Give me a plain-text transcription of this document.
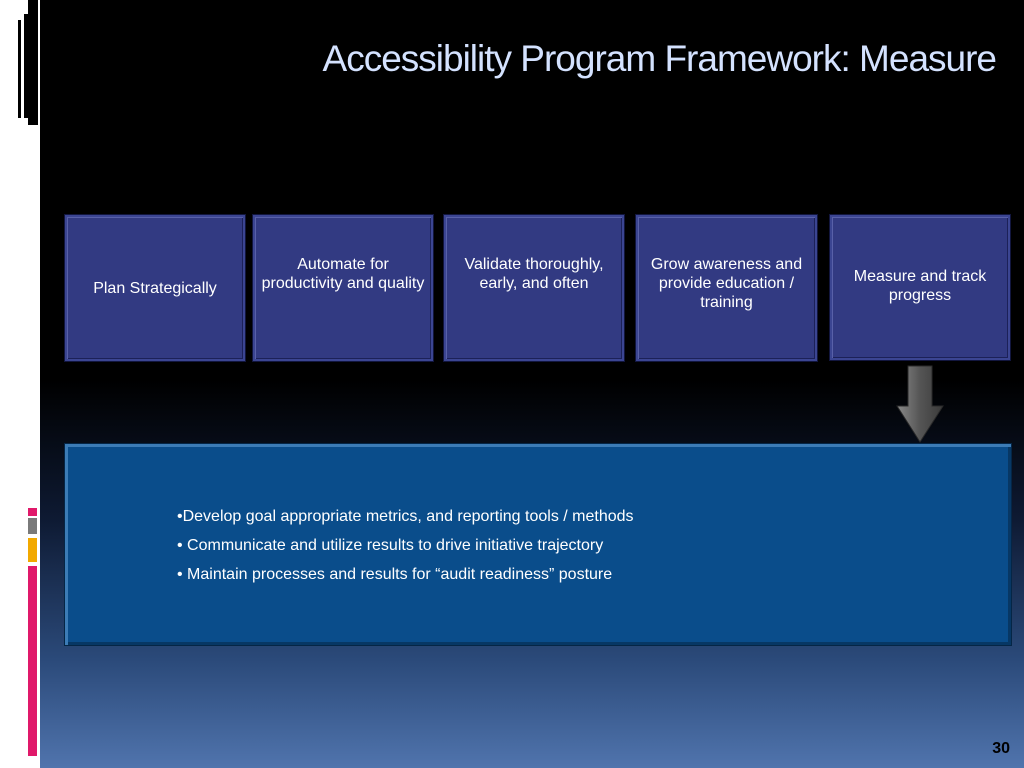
Accessibility Program Framework: Measure
Plan Strategically
Automate for productivity and quality
Validate thoroughly, early, and often
Grow awareness and provide education / training
Measure and track progress
•Develop goal appropriate metrics, and reporting tools / methods
• Communicate and utilize results to drive initiative trajectory
• Maintain processes and results for “audit readiness” posture
30
